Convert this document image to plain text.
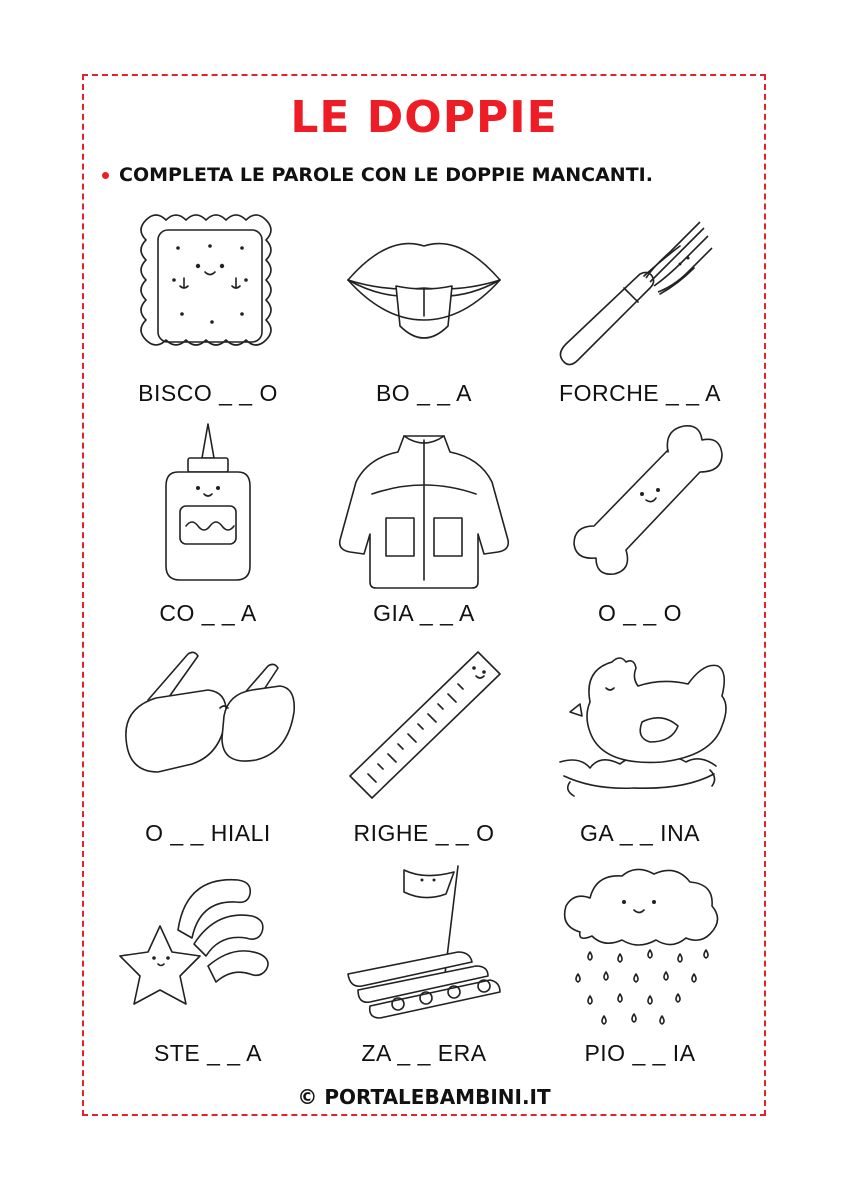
LE DOPPIE
COMPLETA LE PAROLE CON LE DOPPIE MANCANTI.
BISCO _ _ O	BO _ _ A	FORCHE _ _ A
CO _ _ A	GIA _ _ A	O _ _ O
O _ _ HIALI	RIGHE _ _ O	GA _ _ INA
STE _ _ A	ZA _ _ ERA	PIO _ _ IA
© PORTALEBAMBINI.IT
